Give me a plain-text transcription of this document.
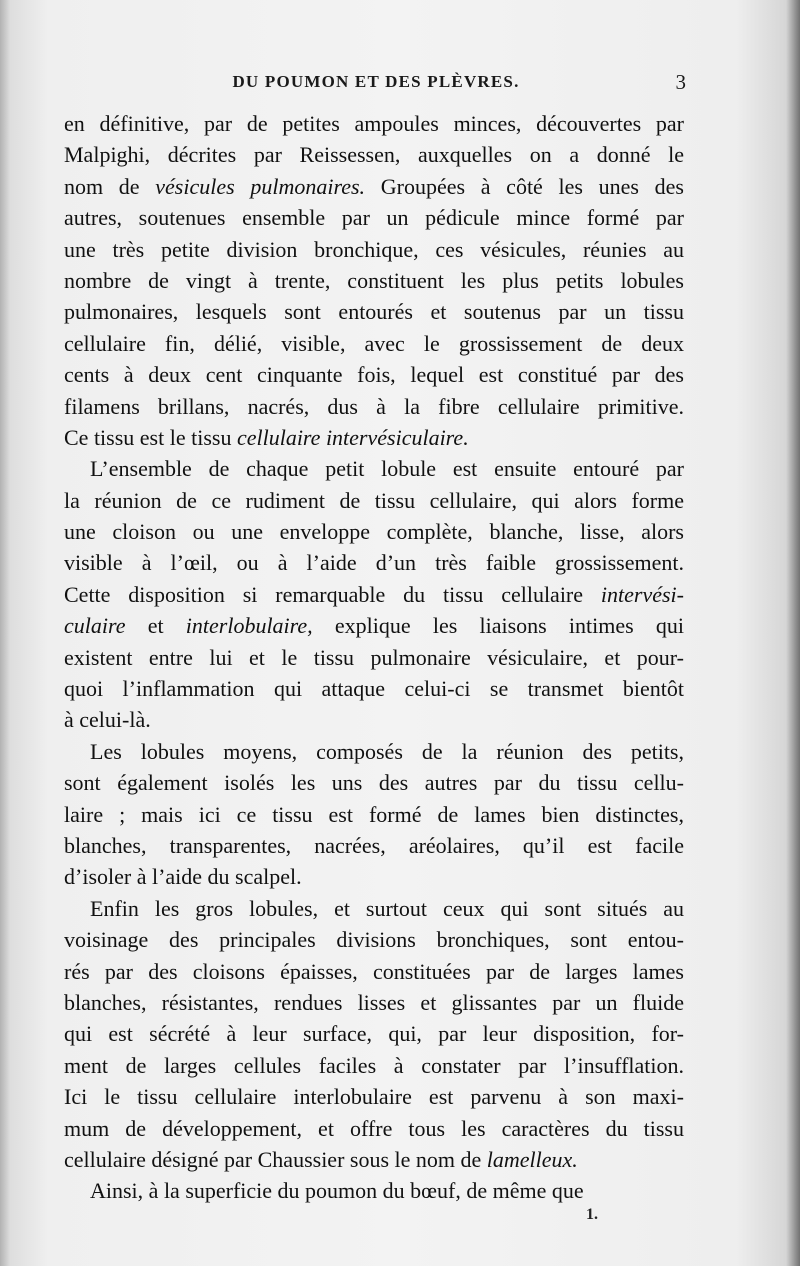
DU POUMON ET DES PLÈVRES.	3
en définitive, par de petites ampoules minces, découvertes par
Malpighi, décrites par Reissessen, auxquelles on a donné le
nom de vésicules pulmonaires. Groupées à côté les unes des
autres, soutenues ensemble par un pédicule mince formé par
une très petite division bronchique, ces vésicules, réunies au
nombre de vingt à trente, constituent les plus petits lobules
pulmonaires, lesquels sont entourés et soutenus par un tissu
cellulaire fin, délié, visible, avec le grossissement de deux
cents à deux cent cinquante fois, lequel est constitué par des
filamens brillans, nacrés, dus à la fibre cellulaire primitive.
Ce tissu est le tissu cellulaire intervésiculaire.
L’ensemble de chaque petit lobule est ensuite entouré par
la réunion de ce rudiment de tissu cellulaire, qui alors forme
une cloison ou une enveloppe complète, blanche, lisse, alors
visible à l’œil, ou à l’aide d’un très faible grossissement.
Cette disposition si remarquable du tissu cellulaire intervési-
culaire et interlobulaire, explique les liaisons intimes qui
existent entre lui et le tissu pulmonaire vésiculaire, et pour-
quoi l’inflammation qui attaque celui-ci se transmet bientôt
à celui-là.
Les lobules moyens, composés de la réunion des petits,
sont également isolés les uns des autres par du tissu cellu-
laire ; mais ici ce tissu est formé de lames bien distinctes,
blanches, transparentes, nacrées, aréolaires, qu’il est facile
d’isoler à l’aide du scalpel.
Enfin les gros lobules, et surtout ceux qui sont situés au
voisinage des principales divisions bronchiques, sont entou-
rés par des cloisons épaisses, constituées par de larges lames
blanches, résistantes, rendues lisses et glissantes par un fluide
qui est sécrété à leur surface, qui, par leur disposition, for-
ment de larges cellules faciles à constater par l’insufflation.
Ici le tissu cellulaire interlobulaire est parvenu à son maxi-
mum de développement, et offre tous les caractères du tissu
cellulaire désigné par Chaussier sous le nom de lamelleux.
Ainsi, à la superficie du poumon du bœuf, de même que
1.
